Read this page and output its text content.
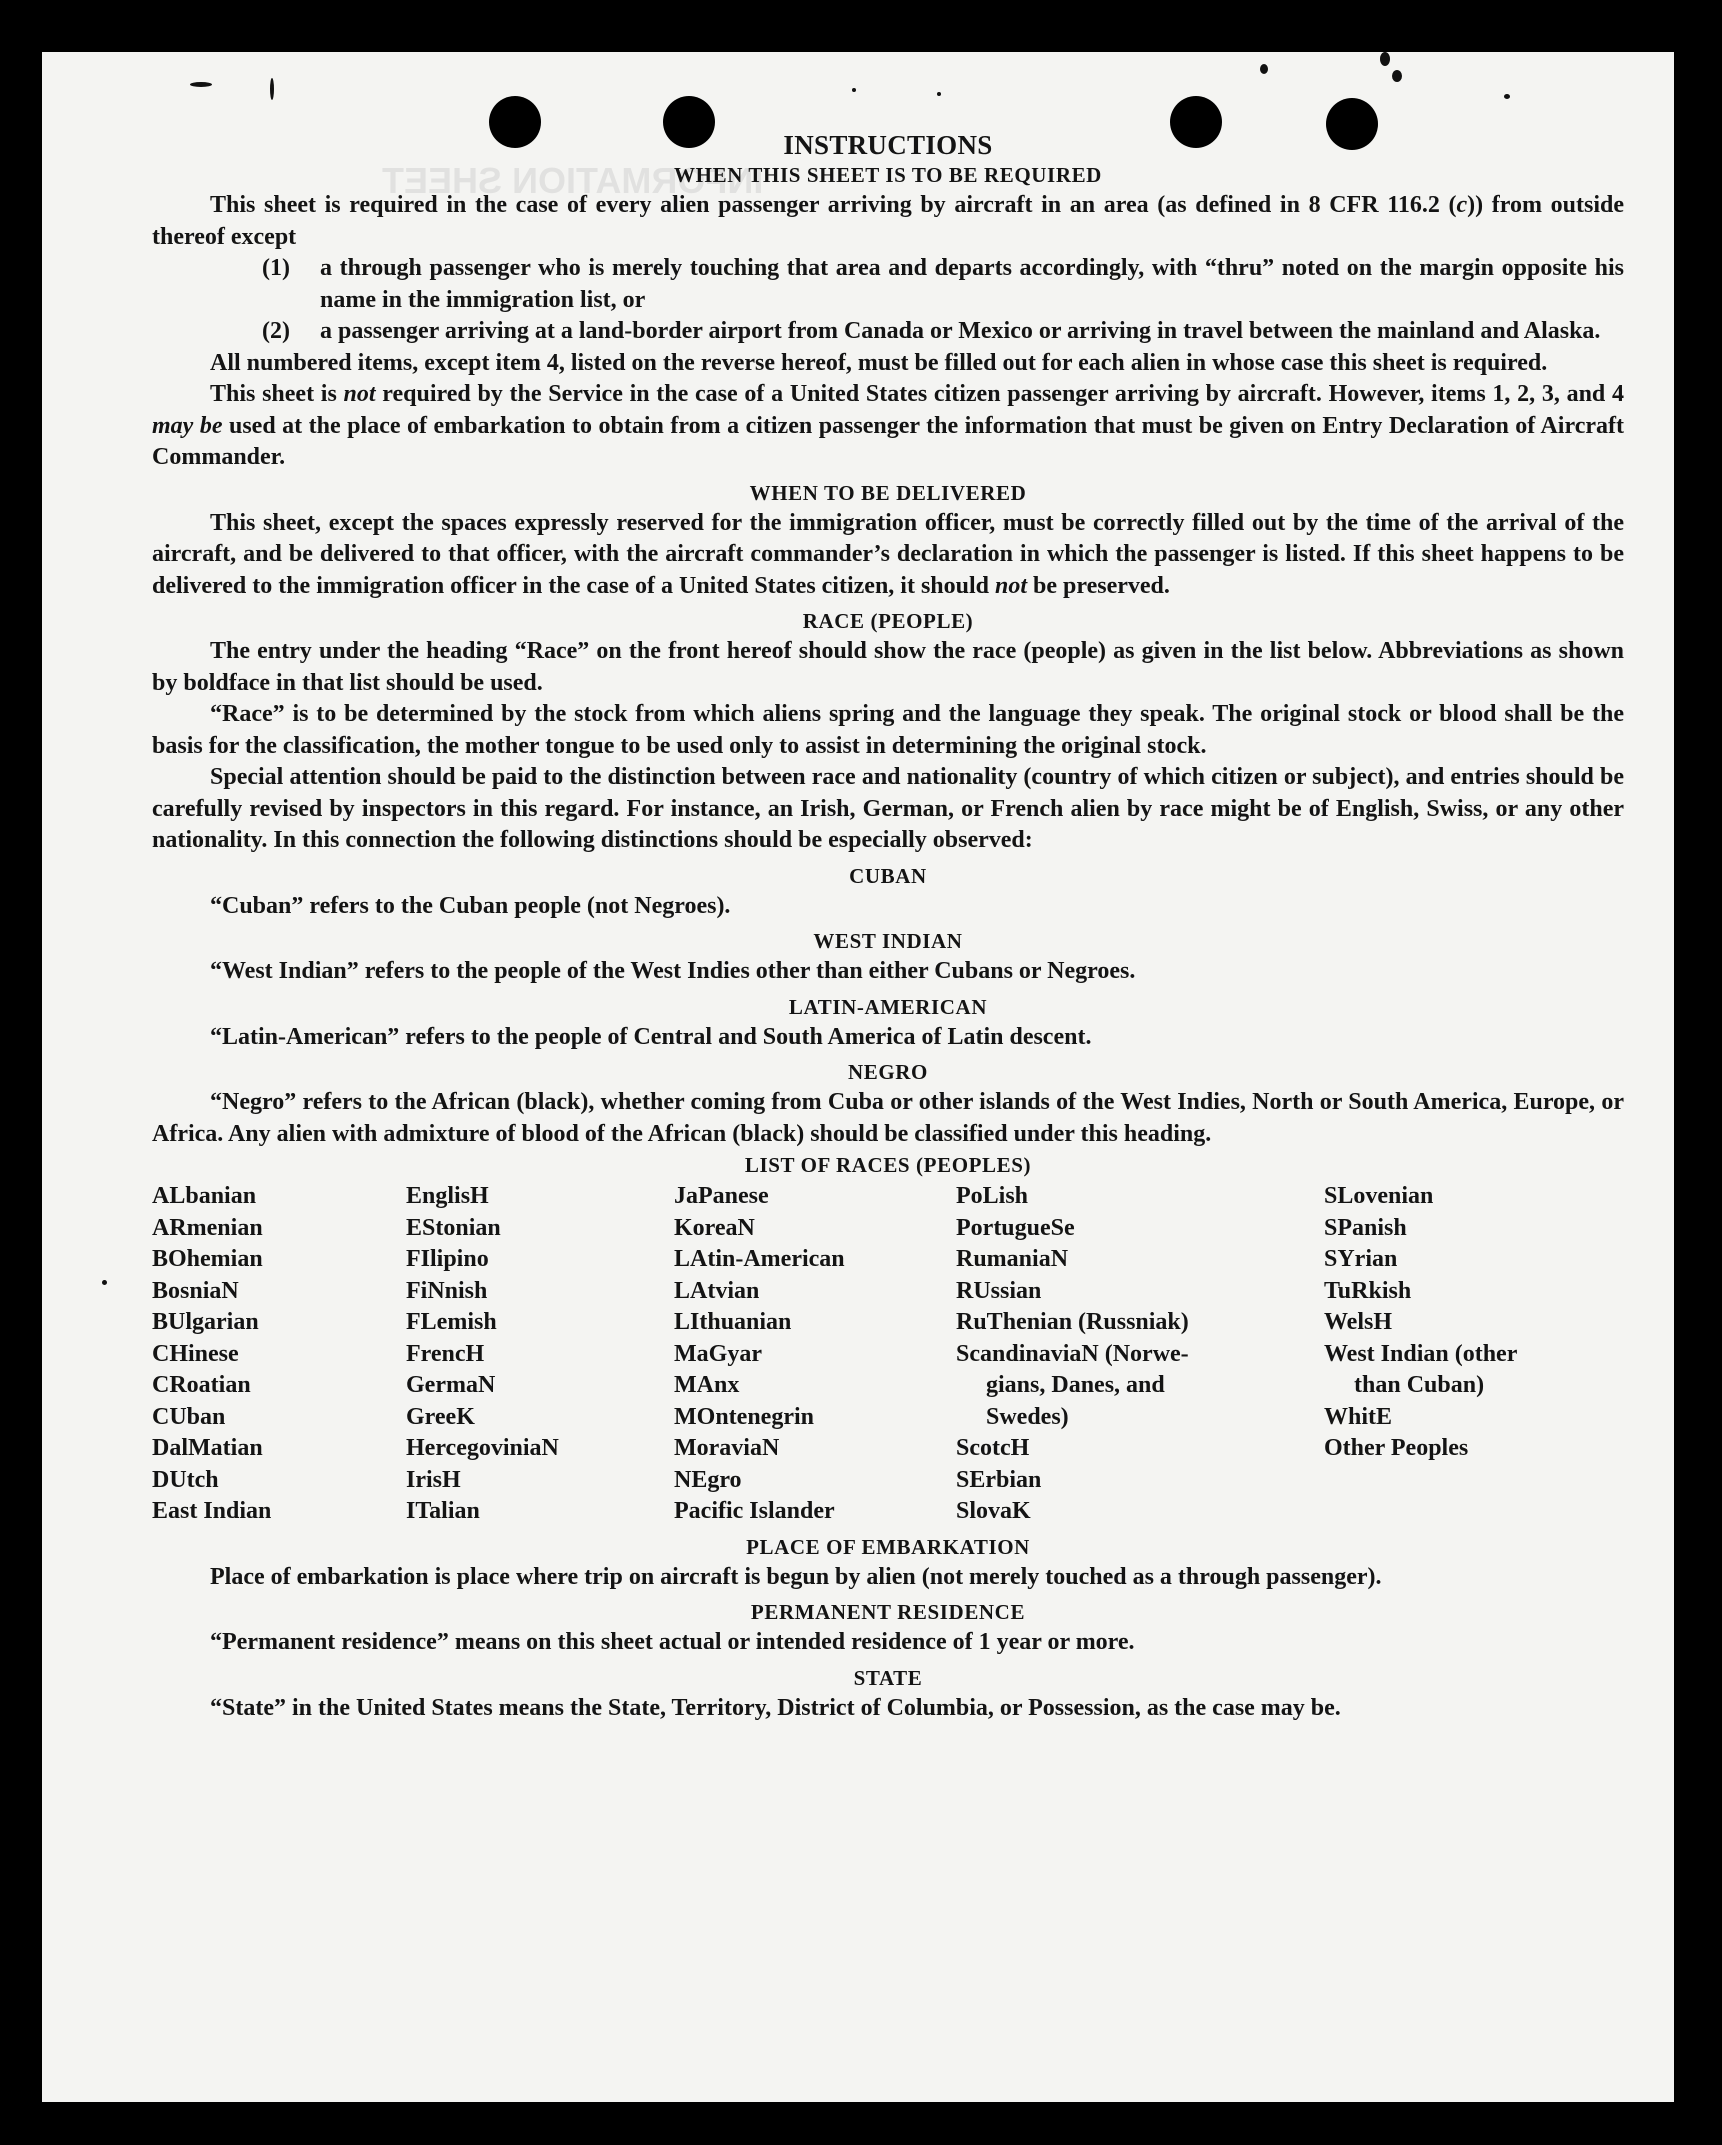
INFORMATION SHEET
INSTRUCTIONS
WHEN THIS SHEET IS TO BE REQUIRED

This sheet is required in the case of every alien passenger arriving by aircraft in an area (as defined in 8 CFR 116.2 (c)) from outside thereof except

(1) a through passenger who is merely touching that area and departs accordingly, with “thru” noted on the margin opposite his name in the immigration list, or

(2) a passenger arriving at a land-border airport from Canada or Mexico or arriving in travel between the mainland and Alaska.

All numbered items, except item 4, listed on the reverse hereof, must be filled out for each alien in whose case this sheet is required.

This sheet is not required by the Service in the case of a United States citizen passenger arriving by aircraft. However, items 1, 2, 3, and 4 may be used at the place of embarkation to obtain from a citizen passenger the information that must be given on Entry Declaration of Aircraft Commander.

WHEN TO BE DELIVERED

This sheet, except the spaces expressly reserved for the immigration officer, must be correctly filled out by the time of the arrival of the aircraft, and be delivered to that officer, with the aircraft commander’s declaration in which the passenger is listed. If this sheet happens to be delivered to the immigration officer in the case of a United States citizen, it should not be preserved.

RACE (PEOPLE)

The entry under the heading “Race” on the front hereof should show the race (people) as given in the list below. Abbreviations as shown by boldface in that list should be used.

“Race” is to be determined by the stock from which aliens spring and the language they speak. The original stock or blood shall be the basis for the classification, the mother tongue to be used only to assist in determining the original stock.

Special attention should be paid to the distinction between race and nationality (country of which citizen or subject), and entries should be carefully revised by inspectors in this regard. For instance, an Irish, German, or French alien by race might be of English, Swiss, or any other nationality. In this connection the following distinctions should be especially observed:

CUBAN

“Cuban” refers to the Cuban people (not Negroes).

WEST INDIAN

“West Indian” refers to the people of the West Indies other than either Cubans or Negroes.

LATIN-AMERICAN

“Latin-American” refers to the people of Central and South America of Latin descent.

NEGRO

“Negro” refers to the African (black), whether coming from Cuba or other islands of the West Indies, North or South America, Europe, or Africa. Any alien with admixture of blood of the African (black) should be classified under this heading.

LIST OF RACES (PEOPLES)
ALbanian
ARmenian
BOhemian
BosniaN
BUlgarian
CHinese
CRoatian
CUban
DalMatian
DUtch
East Indian
EnglisH
EStonian
FIlipino
FiNnish
FLemish
FrencH
GermaN
GreeK
HercegoviniaN
IrisH
ITalian
JaPanese
KoreaN
LAtin-American
LAtvian
LIthuanian
MaGyar
MAnx
MOntenegrin
MoraviaN
NEgro
Pacific Islander
PoLish
PortugueSe
RumaniaN
RUssian
RuThenian (Russniak)
ScandinaviaN (Norwe-
gians, Danes, and
Swedes)
ScotcH
SErbian
SlovaK
SLovenian
SPanish
SYrian
TuRkish
WelsH
West Indian (other
than Cuban)
WhitE
Other Peoples
PLACE OF EMBARKATION

Place of embarkation is place where trip on aircraft is begun by alien (not merely touched as a through passenger).

PERMANENT RESIDENCE

“Permanent residence” means on this sheet actual or intended residence of 1 year or more.

STATE

“State” in the United States means the State, Territory, District of Columbia, or Possession, as the case may be.
